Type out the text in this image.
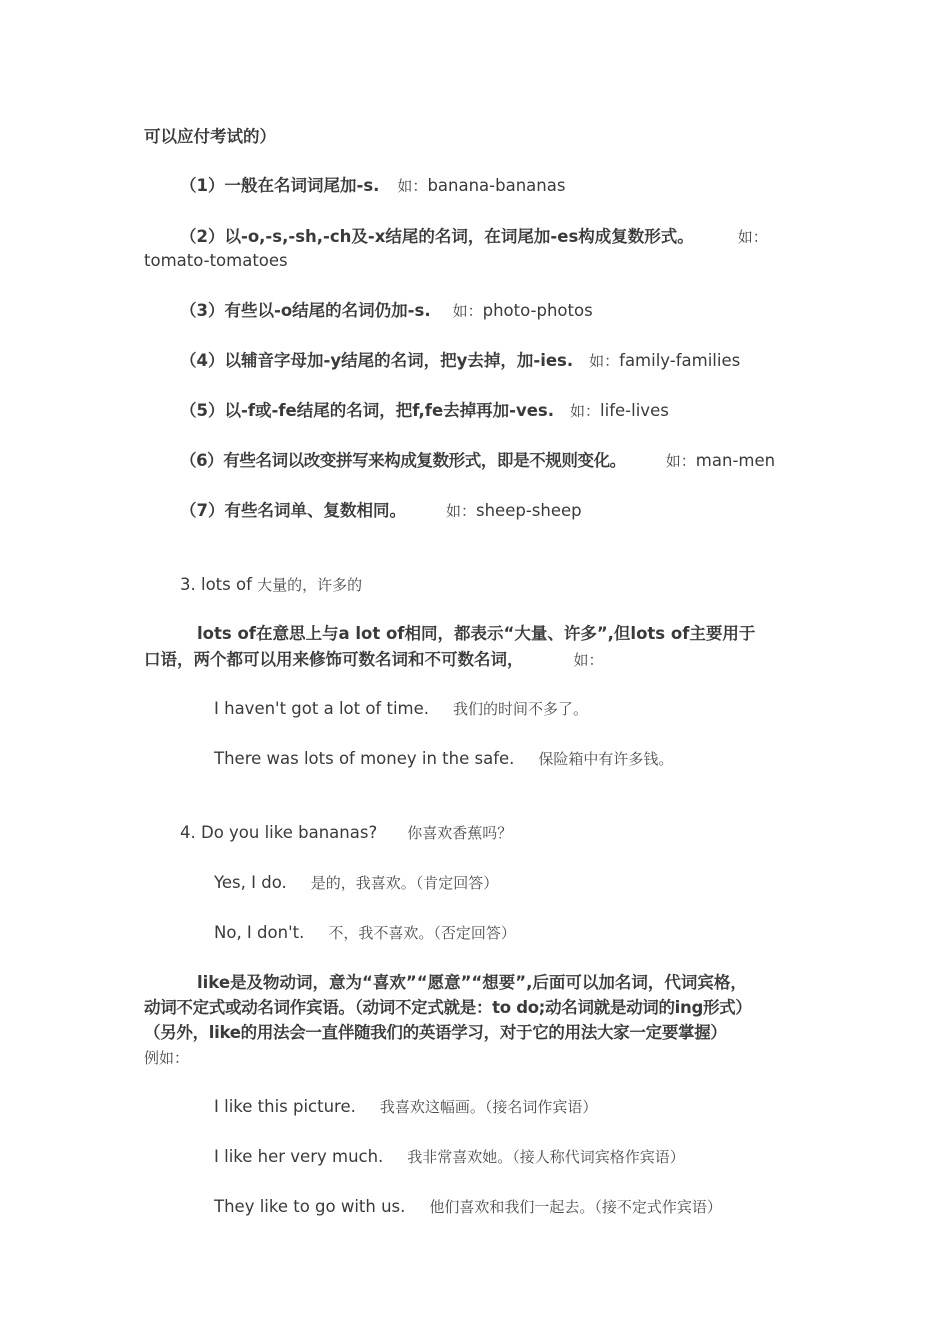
可以应付考试的）
（1）一般在名词词尾加-s. 如：banana-bananas
（2）以-o,-s,-sh,-ch及-x结尾的名词，在词尾加-es构成复数形式。	如：
tomato-tomatoes
（3）有些以-o结尾的名词仍加-s. 如：photo-photos
（4）以辅音字母加-y结尾的名词，把y去掉，加-ies. 如：family-families
（5）以-f或-fe结尾的名词，把f,fe去掉再加-ves. 如：life-lives
（6）有些名词以改变拼写来构成复数形式，即是不规则变化。	如：man-men
（7）有些名词单、复数相同。	如：sheep-sheep
3. lots of 大量的，许多的
lots of在意思上与a lot of相同，都表示“大量、许多”,但lots of主要用于
口语，两个都可以用来修饰可数名词和不可数名词，	如：
I haven't got a lot of time. 我们的时间不多了。
There was lots of money in the safe. 保险箱中有许多钱。
4. Do you like bananas? 你喜欢香蕉吗？
Yes, I do. 是的，我喜欢。（肯定回答）
No, I don't. 不，我不喜欢。（否定回答）
like是及物动词，意为“喜欢”“愿意”“想要”,后面可以加名词，代词宾格，
动词不定式或动名词作宾语。（动词不定式就是：to do;动名词就是动词的ing形式）
（另外，like的用法会一直伴随我们的英语学习，对于它的用法大家一定要掌握）
例如：
I like this picture. 我喜欢这幅画。（接名词作宾语）
I like her very much. 我非常喜欢她。（接人称代词宾格作宾语）
They like to go with us. 他们喜欢和我们一起去。（接不定式作宾语）
